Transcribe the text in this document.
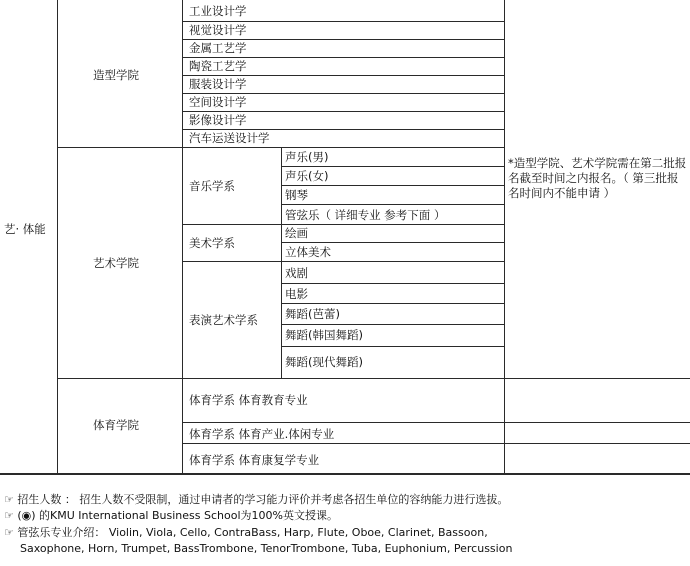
艺· 体能
造型学院
艺术学院
体育学院
工业设计学
视觉设计学
金属工艺学
陶瓷工艺学
服装设计学
空间设计学
影像设计学
汽车运送设计学
音乐学系
美术学系
表演艺术学系
声乐(男)
声乐(女)
钢琴
管弦乐（ 详细专业 参考下面 ）
绘画
立体美术
戏剧
电影
舞蹈(芭蕾)
舞蹈(韩国舞蹈)
舞蹈(现代舞蹈)
体育学系 体育教育专业
体育学系 体育产业.体闲专业
体育学系 体育康复学专业
*造型学院、艺术学院需在第二批报名截至时间之内报名。（ 第三批报名时间内不能申请 ）
☞ 招生人数 ： 招生人数不受限制，通过申请者的学习能力评价并考虑各招生单位的容纳能力进行选拔。
☞ (◉) 的KMU International Business School为100%英文授课。
☞ 管弦乐专业介绍： Violin, Viola, Cello, ContraBass, Harp, Flute, Oboe, Clarinet, Bassoon,
Saxophone, Horn, Trumpet, BassTrombone, TenorTrombone, Tuba, Euphonium, Percussion
